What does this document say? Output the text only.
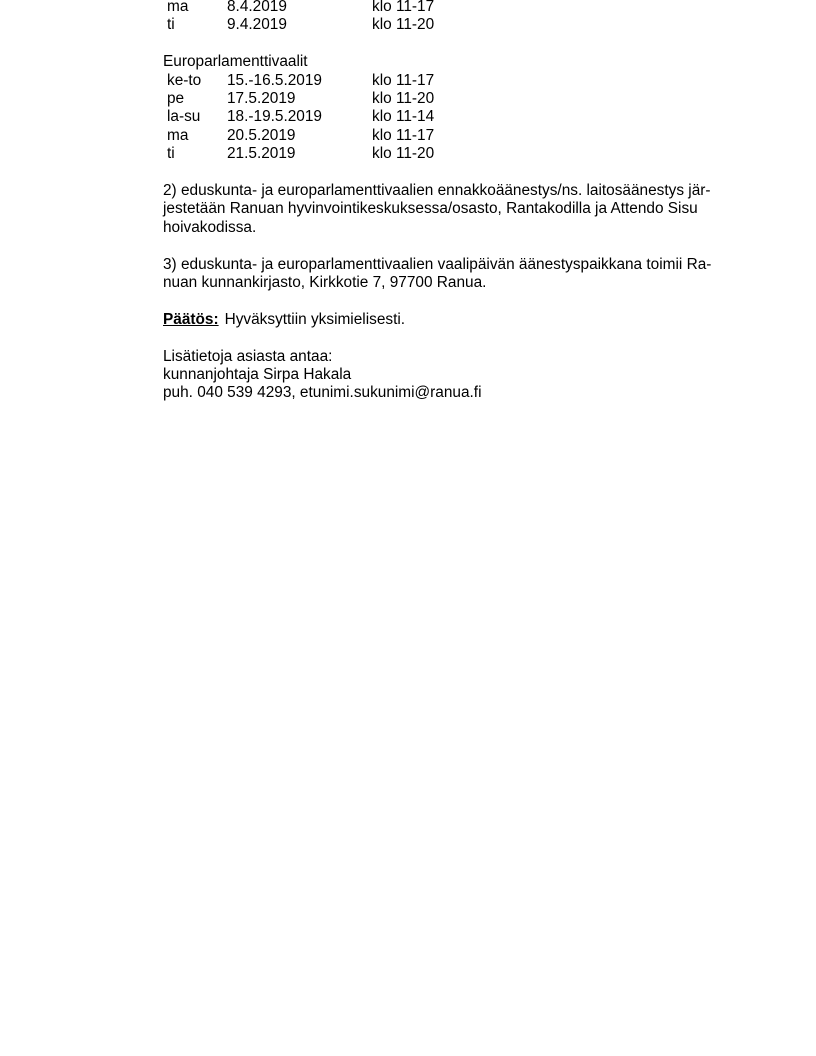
ma	8.4.2019	klo 11-17
ti	9.4.2019	klo 11-20
Europarlamenttivaalit
ke-to 15.-16.5.2019	klo 11-17
pe	17.5.2019	klo 11-20
la-su 18.-19.5.2019	klo 11-14
ma	20.5.2019	klo 11-17
ti	21.5.2019	klo 11-20
2) eduskunta- ja europarlamenttivaalien ennakkoäänestys/ns. laitosäänestys jär-
jestetään Ranuan hyvinvointikeskuksessa/osasto, Rantakodilla ja Attendo Sisu
hoivakodissa.
3) eduskunta- ja europarlamenttivaalien vaalipäivän äänestyspaikkana toimii Ra-
nuan kunnankirjasto, Kirkkotie 7, 97700 Ranua.
Päätös: Hyväksyttiin yksimielisesti.
Lisätietoja asiasta antaa:
kunnanjohtaja Sirpa Hakala
puh. 040 539 4293, etunimi.sukunimi@ranua.fi
